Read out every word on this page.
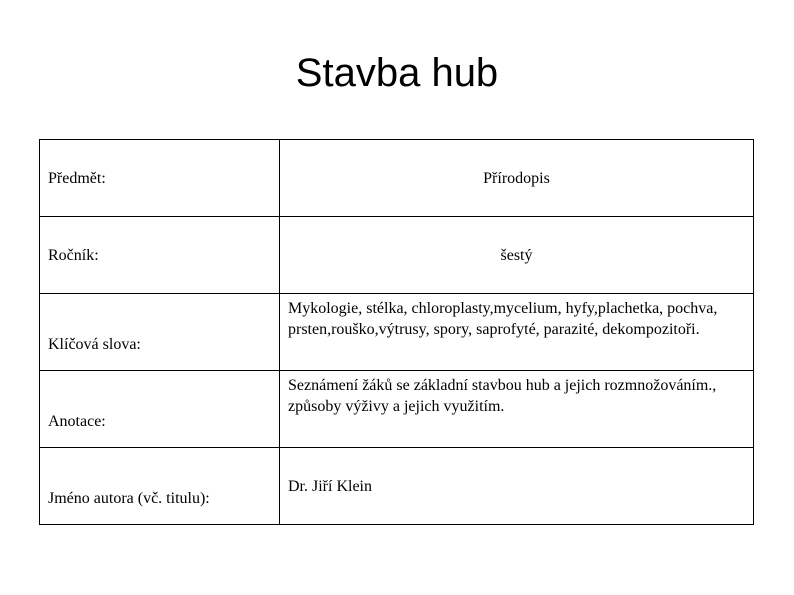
Stavba hub
Předmět:	Přírodopis
Ročník:	šestý
Klíčová slova:	Mykologie, stélka, chloroplasty,mycelium, hyfy,plachetka, pochva, prsten,rouško,výtrusy, spory, saprofyté, parazité, dekompozitoři.
Anotace:	Seznámení žáků se základní stavbou hub a jejich rozmnožováním., způsoby výživy a jejich využitím.
Jméno autora (vč. titulu):	Dr. Jiří Klein
